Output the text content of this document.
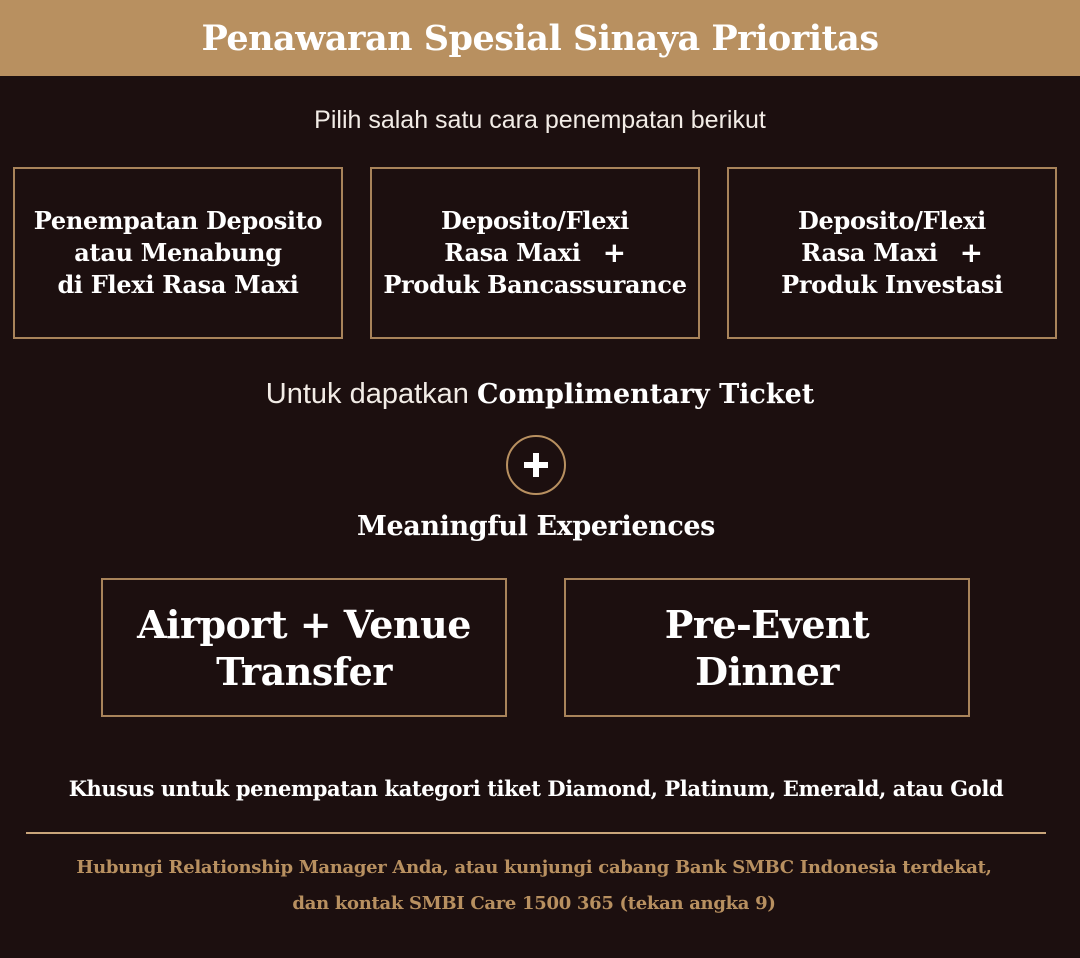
Penawaran Spesial Sinaya Prioritas
Pilih salah satu cara penempatan berikut
Penempatan Deposito
atau Menabung
di Flexi Rasa Maxi
Deposito/Flexi
Rasa Maxi +
Produk Bancassurance
Deposito/Flexi
Rasa Maxi +
Produk Investasi
Untuk dapatkan Complimentary Ticket
Meaningful Experiences
Airport + Venue
Transfer
Pre-Event
Dinner
Khusus untuk penempatan kategori tiket Diamond, Platinum, Emerald, atau Gold
Hubungi Relationship Manager Anda, atau kunjungi cabang Bank SMBC Indonesia terdekat,
dan kontak SMBI Care 1500 365 (tekan angka 9)
